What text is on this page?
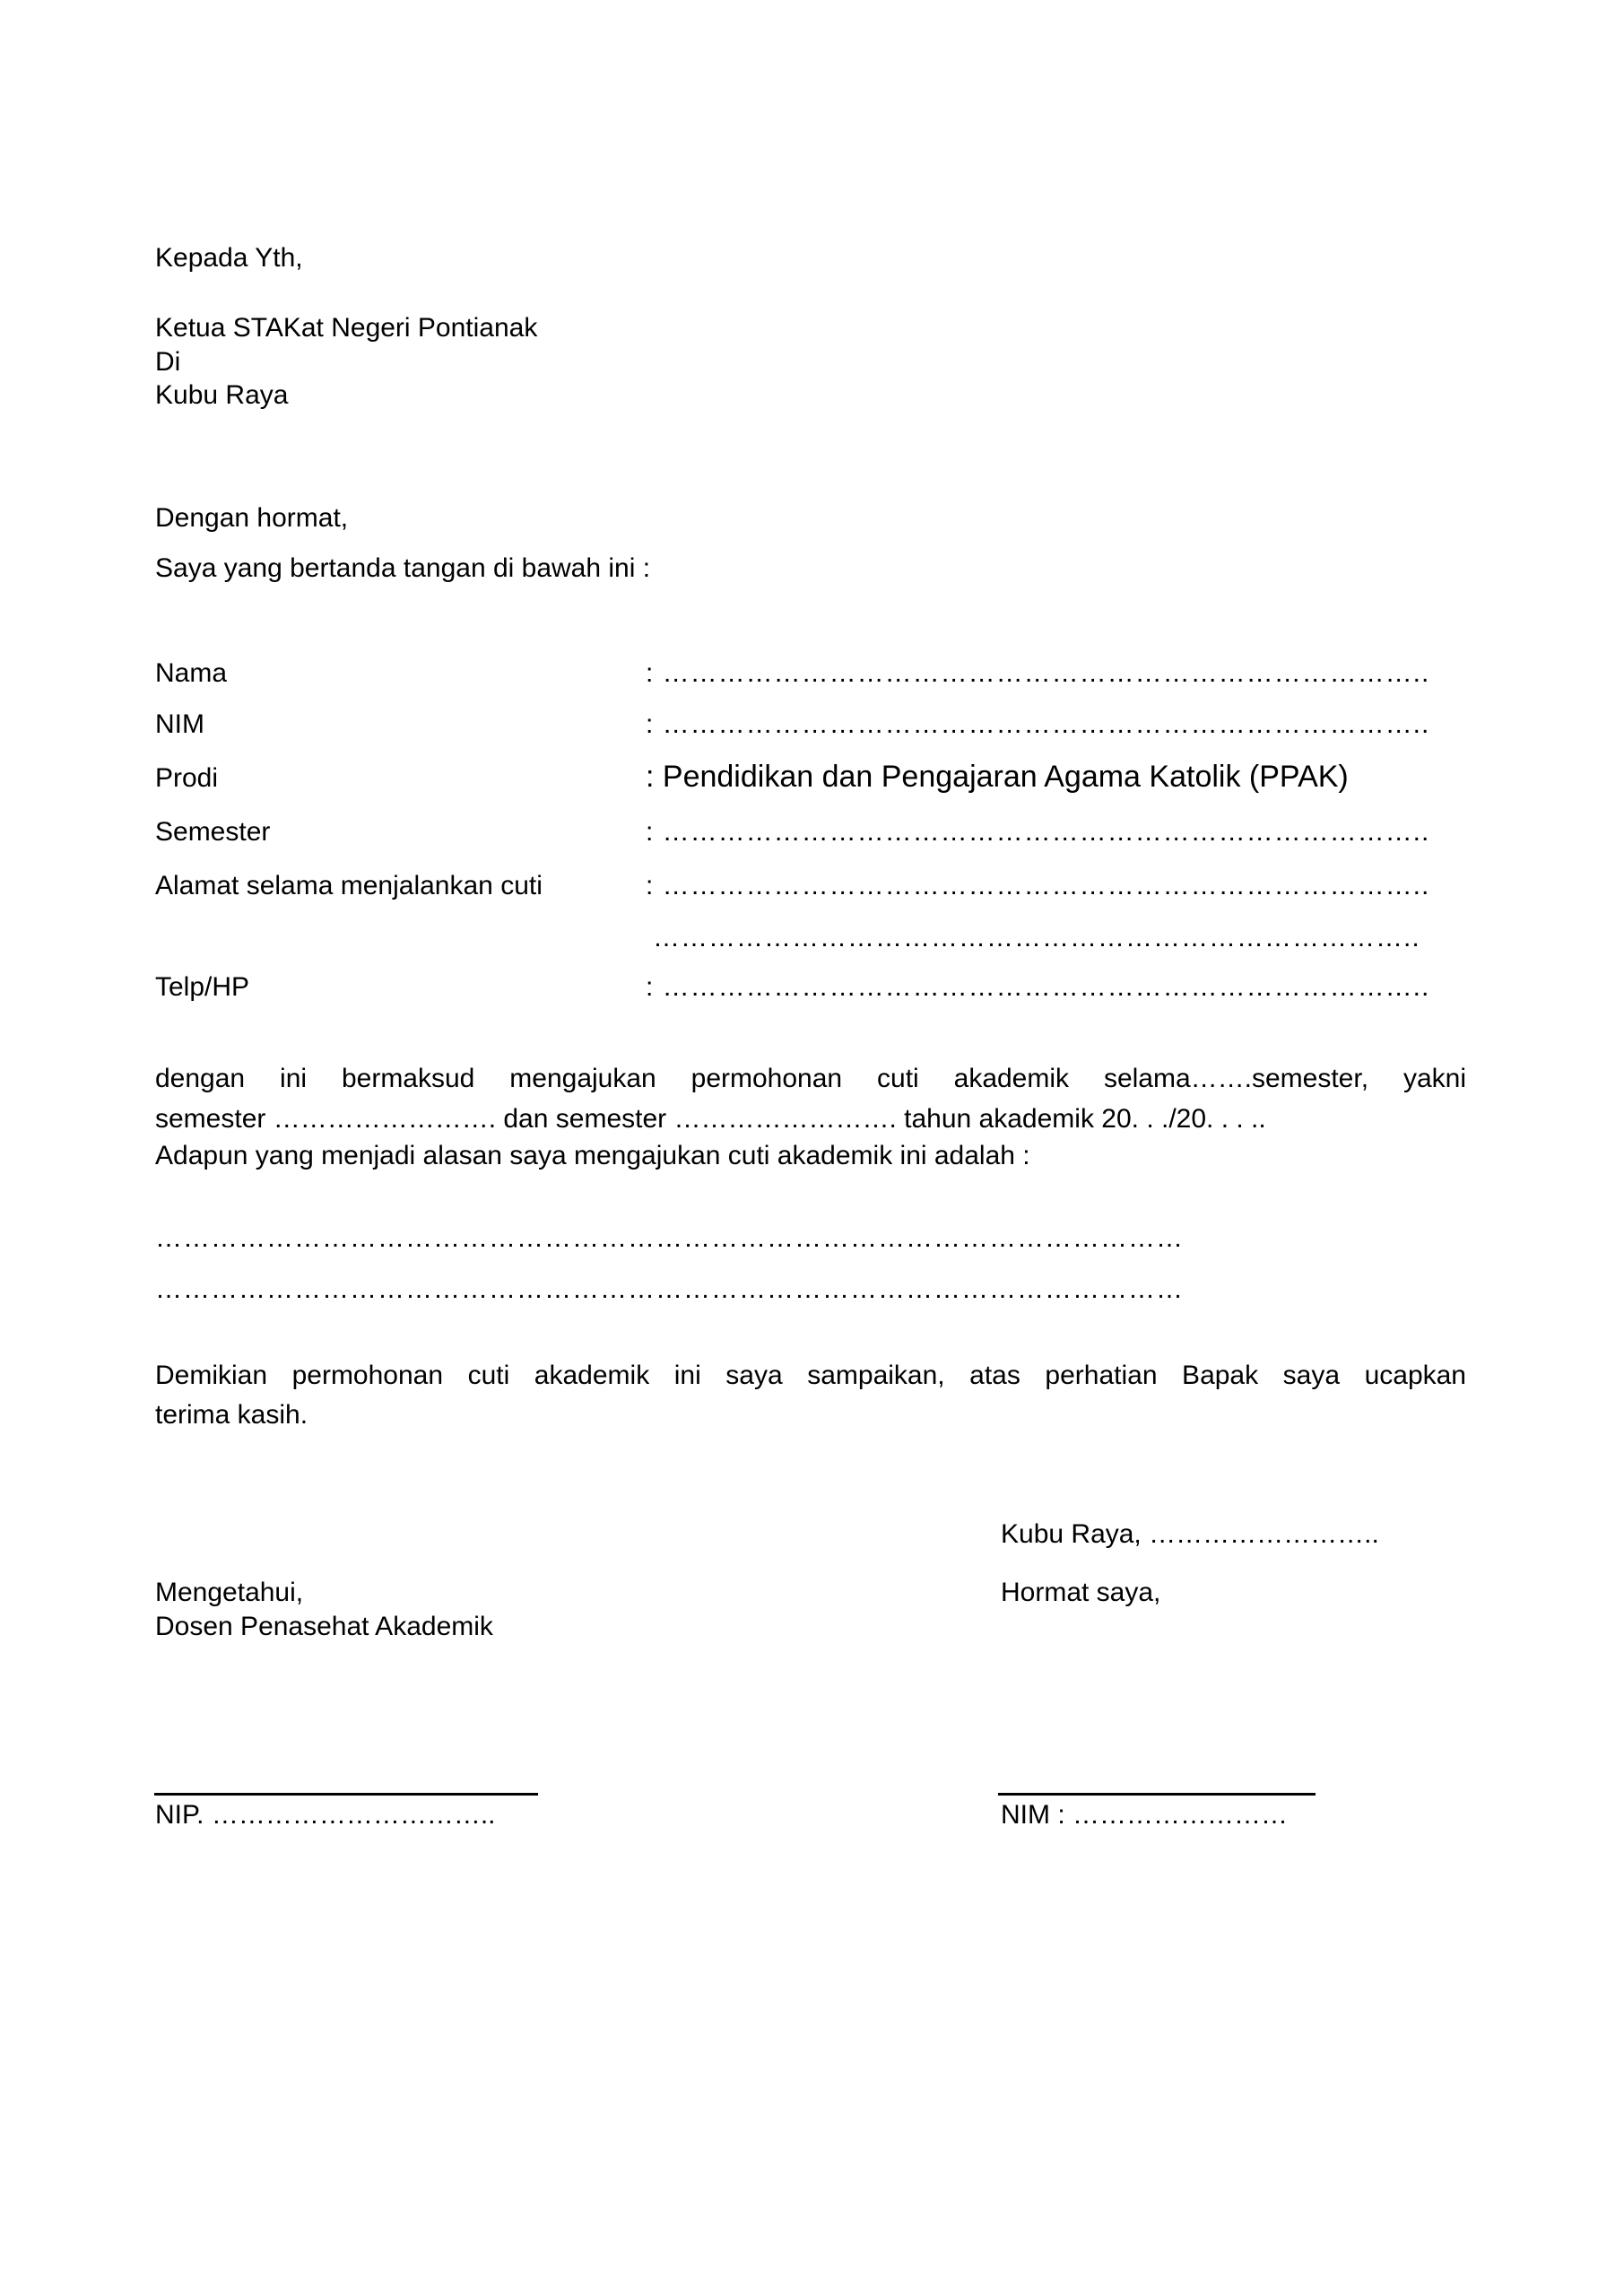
Kepada Yth,
Ketua STAKat Negeri Pontianak
Di
Kubu Raya
Dengan hormat,
Saya yang bertanda tangan di bawah ini :
Nama	: ………………………………………………………………………..
NIM	: ………………………………………………………………………..
Prodi	: Pendidikan dan Pengajaran Agama Katolik (PPAK)
Semester	: ………………………………………………………………………..
Alamat selama menjalankan cuti	: ………………………………………………………………………..
………………………………………………………………………..
Telp/HP	: ………………………………………………………………………..
dengan ini bermaksud mengajukan permohonan cuti akademik selama…….semester, yakni
semester ……………………. dan semester ……………………. tahun akademik 20. . ./20. . . ..
Adapun yang menjadi alasan saya mengajukan cuti akademik ini adalah :
…………………………………………………………………………………………………
…………………………………………………………………………………………………
Demikian permohonan cuti akademik ini saya sampaikan, atas perhatian Bapak saya ucapkan
terima kasih.
Kubu Raya, ……………………..
Mengetahui,
Dosen Penasehat Akademik
Hormat saya,
NIP. …………………………..	NIM : ……………………
